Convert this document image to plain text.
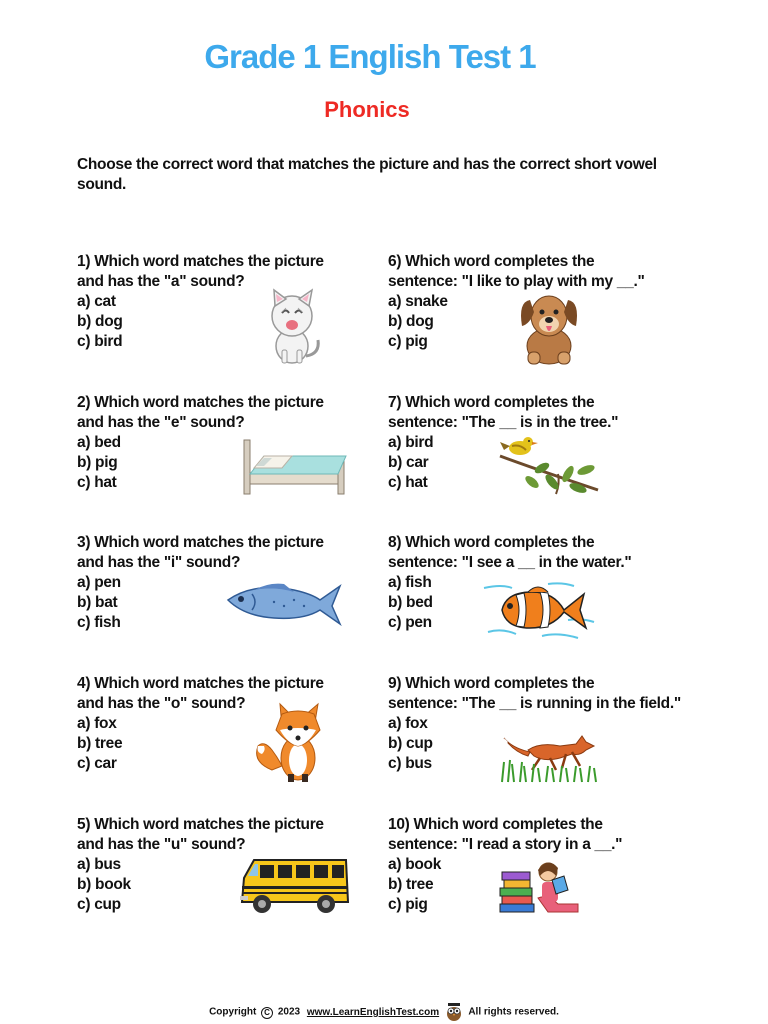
Grade 1 English Test 1
Phonics
Choose the correct word that matches the picture and has the correct short vowel sound.
1) Which word matches the picture
and has the "a" sound?
a) cat
b) dog
c) bird
2) Which word matches the picture
and has the "e" sound?
a) bed
b) pig
c) hat
3) Which word matches the picture
and has the "i" sound?
a) pen
b) bat
c) fish
4) Which word matches the picture
and has the "o" sound?
a) fox
b) tree
c) car
5) Which word matches the picture
and has the "u" sound?
a) bus
b) book
c) cup
6) Which word completes the
sentence: "I like to play with my __."
a) snake
b) dog
c) pig
7) Which word completes the
sentence: "The __ is in the tree."
a) bird
b) car
c) hat
8) Which word completes the
sentence: "I see a __ in the water."
a) fish
b) bed
c) pen
9) Which word completes the
sentence: "The __ is running in the field."
a) fox
b) cup
c) bus
10) Which word completes the
sentence: "I read a story in a __."
a) book
b) tree
c) pig
Copyright C 2023 www.LearnEnglishTest.com	All rights reserved.
